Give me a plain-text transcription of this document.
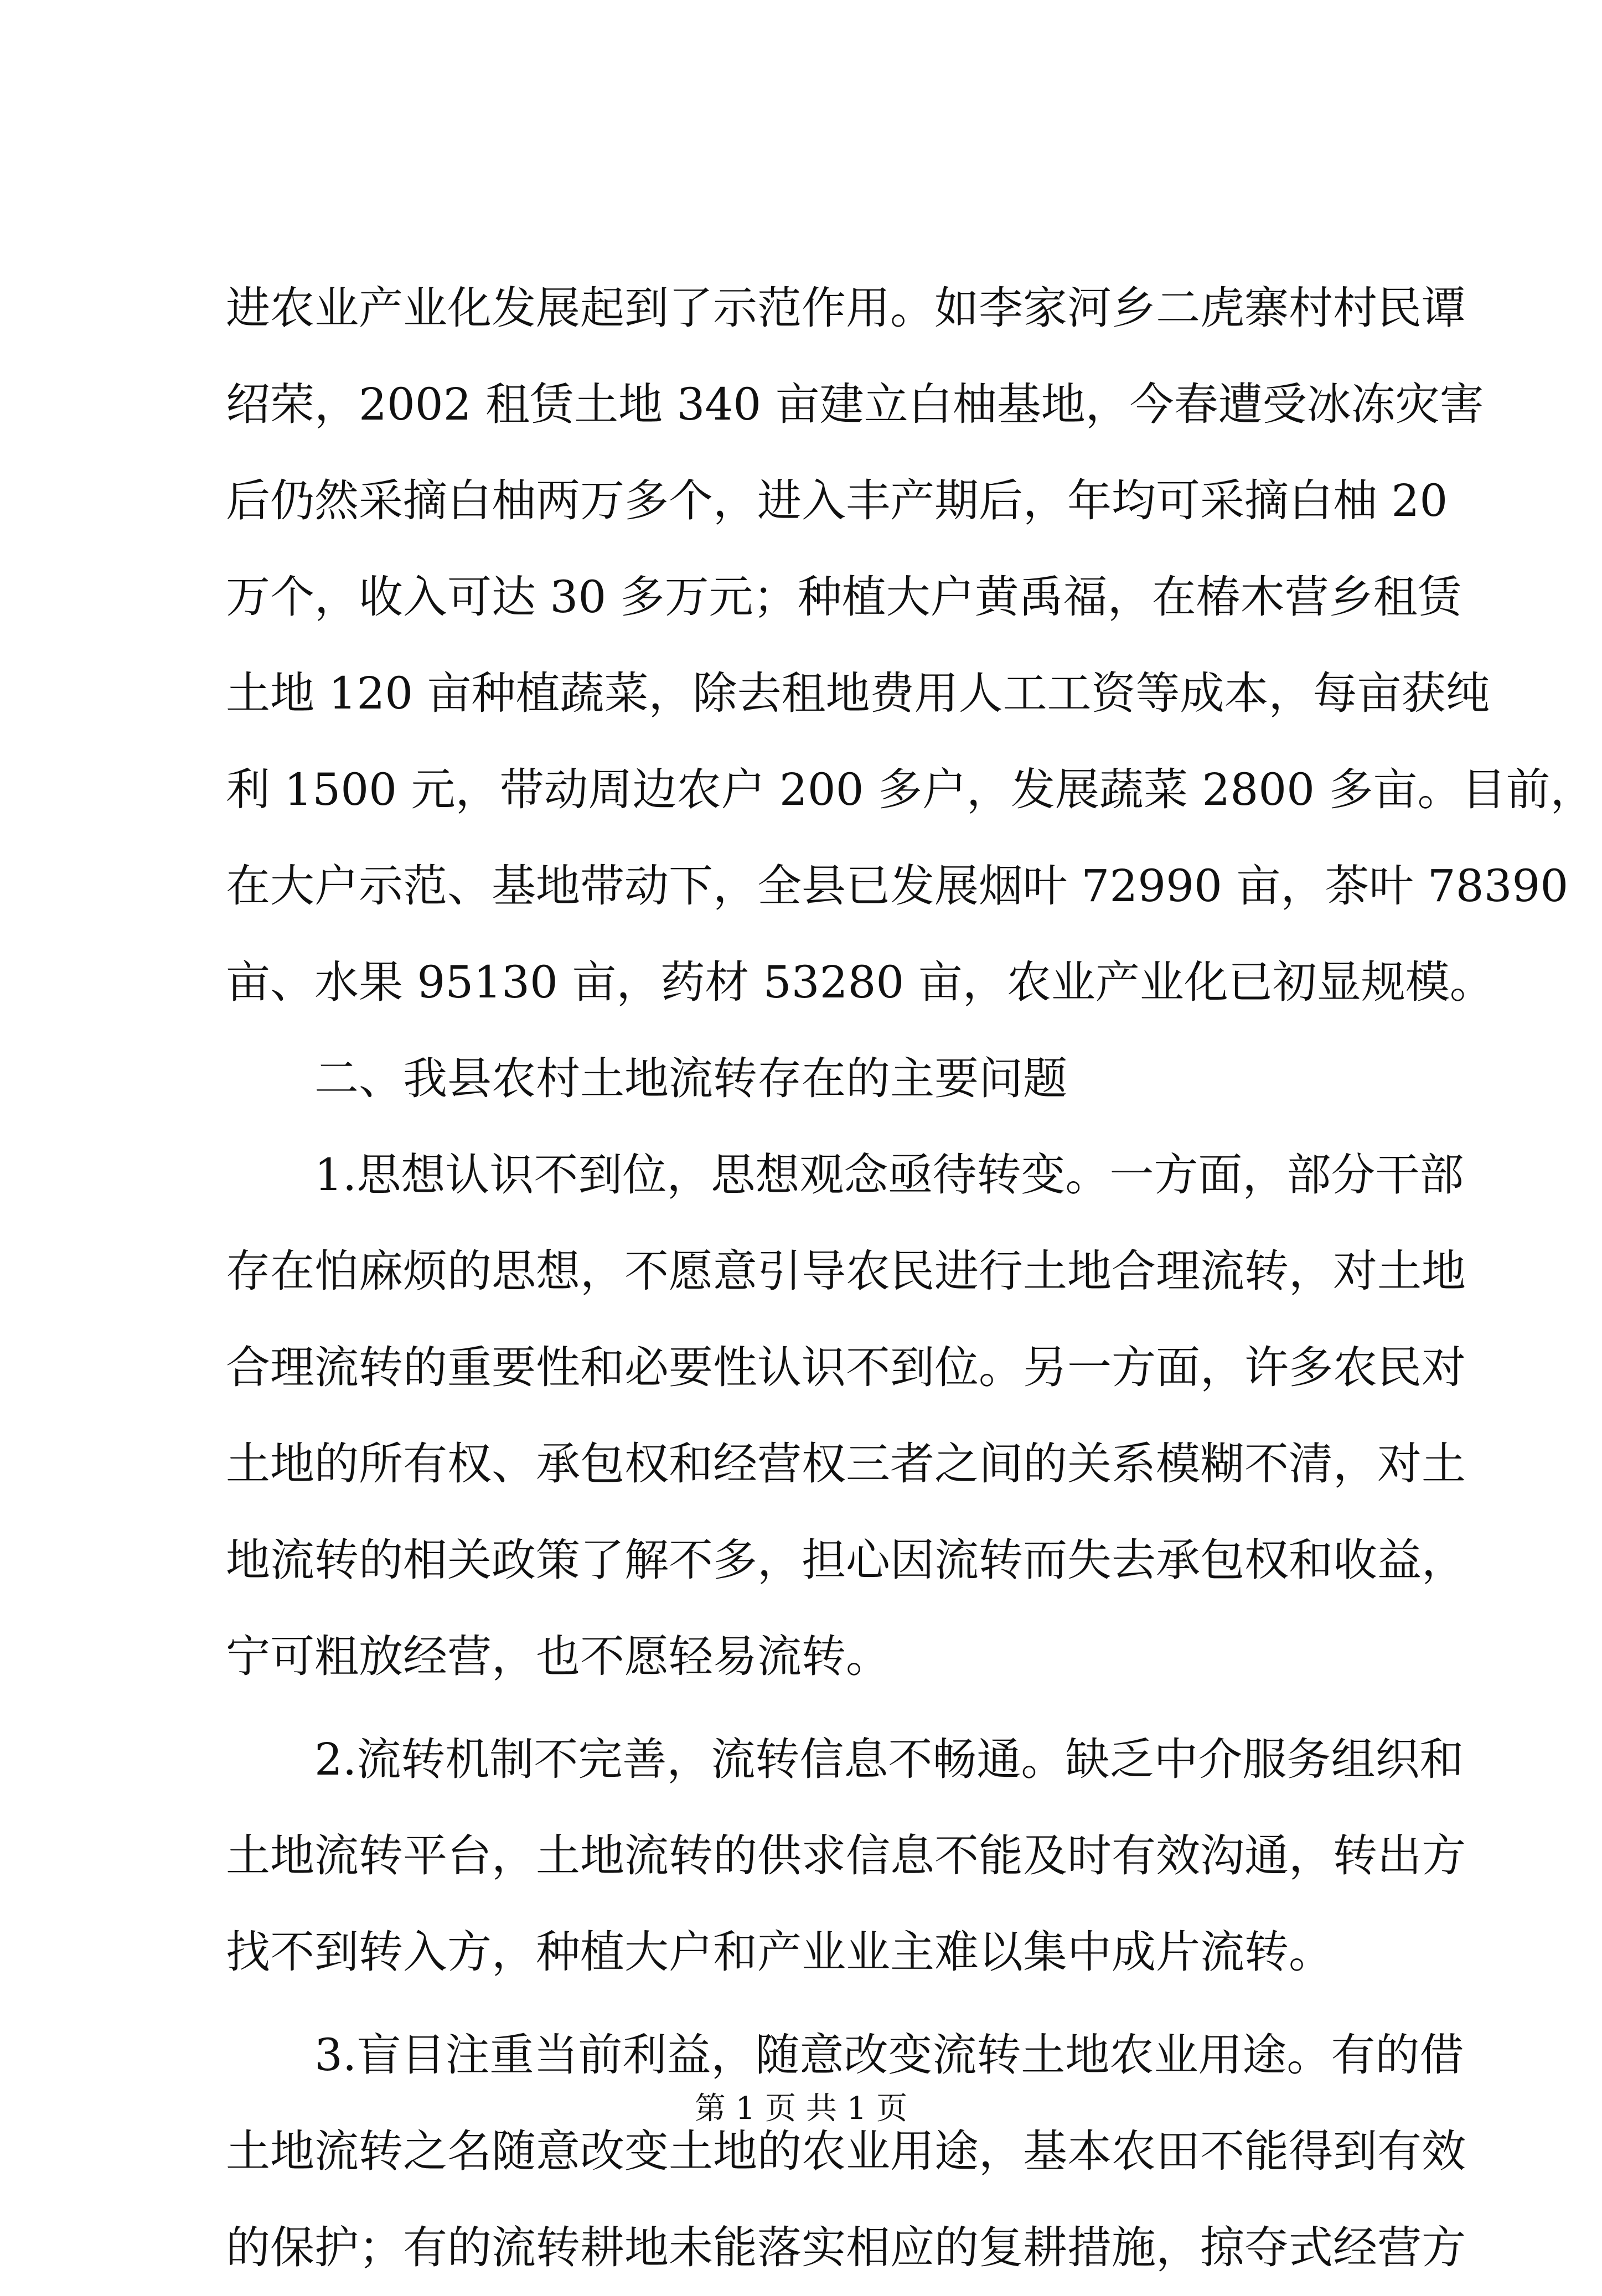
进农业产业化发展起到了示范作用。如李家河乡二虎寨村村民谭
绍荣，2002 租赁土地 340 亩建立白柚基地，今春遭受冰冻灾害
后仍然采摘白柚两万多个，进入丰产期后，年均可采摘白柚 20
万个，收入可达 30 多万元；种植大户黄禹福，在椿木营乡租赁
土地 120 亩种植蔬菜，除去租地费用人工工资等成本，每亩获纯
利 1500 元，带动周边农户 200 多户，发展蔬菜 2800 多亩。目前，
在大户示范、基地带动下，全县已发展烟叶 72990 亩，茶叶 78390
亩、水果 95130 亩，药材 53280 亩，农业产业化已初显规模。
　　二、我县农村土地流转存在的主要问题
　　1.思想认识不到位，思想观念亟待转变。一方面，部分干部
存在怕麻烦的思想，不愿意引导农民进行土地合理流转，对土地
合理流转的重要性和必要性认识不到位。另一方面，许多农民对
土地的所有权、承包权和经营权三者之间的关系模糊不清，对土
地流转的相关政策了解不多，担心因流转而失去承包权和收益，
宁可粗放经营，也不愿轻易流转。
　　2.流转机制不完善，流转信息不畅通。缺乏中介服务组织和
土地流转平台，土地流转的供求信息不能及时有效沟通，转出方
找不到转入方，种植大户和产业业主难以集中成片流转。
　　3.盲目注重当前利益，随意改变流转土地农业用途。有的借
土地流转之名随意改变土地的农业用途，基本农田不能得到有效
的保护；有的流转耕地未能落实相应的复耕措施，掠夺式经营方
第 1 页 共 1 页
